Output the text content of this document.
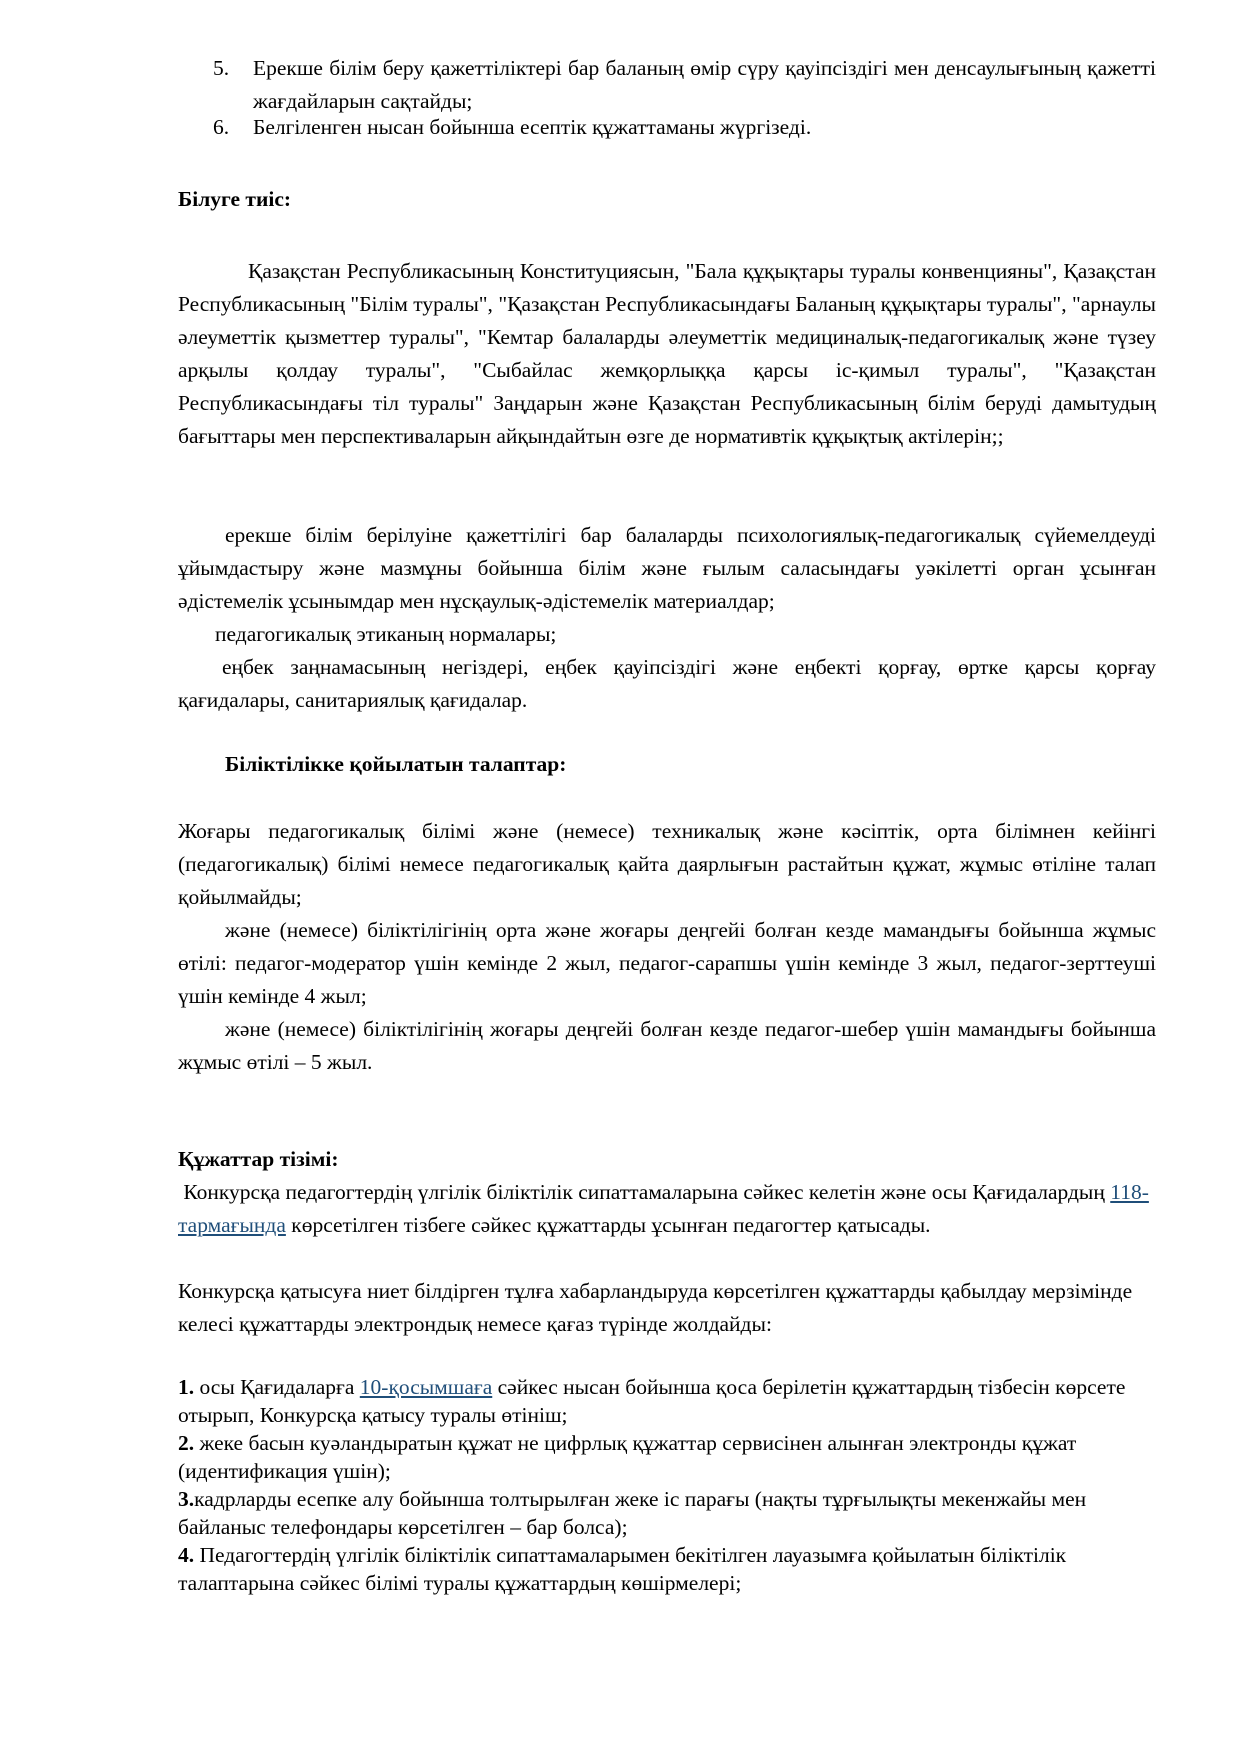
5. Ерекше білім беру қажеттіліктері бар баланың өмір сүру қауіпсіздігі мен денсаулығының қажетті жағдайларын сақтайды;
6. Белгіленген нысан бойынша есептік құжаттаманы жүргізеді.
Білуге тиіс:
Қазақстан Республикасының Конституциясын, "Бала құқықтары туралы конвенцияны", Қазақстан Республикасының "Білім туралы", "Қазақстан Республикасындағы Баланың құқықтары туралы", "арнаулы әлеуметтік қызметтер туралы", "Кемтар балаларды әлеуметтік медициналық-педагогикалық және түзеу арқылы қолдау туралы", "Сыбайлас жемқорлыққа қарсы іс-қимыл туралы", "Қазақстан Республикасындағы тіл туралы" Заңдарын және Қазақстан Республикасының білім беруді дамытудың бағыттары мен перспективаларын айқындайтын өзге де нормативтік құқықтық актілерін;;
ерекше білім берілуіне қажеттілігі бар балаларды психологиялық-педагогикалық сүйемелдеуді ұйымдастыру және мазмұны бойынша білім және ғылым саласындағы уәкілетті орган ұсынған әдістемелік ұсынымдар мен нұсқаулық-әдістемелік материалдар;
педагогикалық этиканың нормалары;
еңбек заңнамасының негіздері, еңбек қауіпсіздігі және еңбекті қорғау, өртке қарсы қорғау қағидалары, санитариялық қағидалар.
Біліктілікке қойылатын талаптар:
Жоғары педагогикалық білімі және (немесе) техникалық және кәсіптік, орта білімнен кейінгі (педагогикалық) білімі немесе педагогикалық қайта даярлығын растайтын құжат, жұмыс өтіліне талап қойылмайды;
және (немесе) біліктілігінің орта және жоғары деңгейі болған кезде мамандығы бойынша жұмыс өтілі: педагог-модератор үшін кемінде 2 жыл, педагог-сарапшы үшін кемінде 3 жыл, педагог-зерттеуші үшін кемінде 4 жыл;
және (немесе) біліктілігінің жоғары деңгейі болған кезде педагог-шебер үшін мамандығы бойынша жұмыс өтілі – 5 жыл.
Құжаттар тізімі:
Конкурсқа педагогтердің үлгілік біліктілік сипаттамаларына сәйкес келетін және осы Қағидалардың 118-тармағында көрсетілген тізбеге сәйкес құжаттарды ұсынған педагогтер қатысады.
Конкурсқа қатысуға ниет білдірген тұлға хабарландыруда көрсетілген құжаттарды қабылдау мерзімінде келесі құжаттарды электрондық немесе қағаз түрінде жолдайды:
1. осы Қағидаларға 10-қосымшаға сәйкес нысан бойынша қоса берілетін құжаттардың тізбесін көрсете отырып, Конкурсқа қатысу туралы өтініш;
2. жеке басын куәландыратын құжат не цифрлық құжаттар сервисінен алынған электронды құжат (идентификация үшін);
3.кадрларды есепке алу бойынша толтырылған жеке іс парағы (нақты тұрғылықты мекенжайы мен байланыс телефондары көрсетілген – бар болса);
4. Педагогтердің үлгілік біліктілік сипаттамаларымен бекітілген лауазымға қойылатын біліктілік талаптарына сәйкес білімі туралы құжаттардың көшірмелері;
